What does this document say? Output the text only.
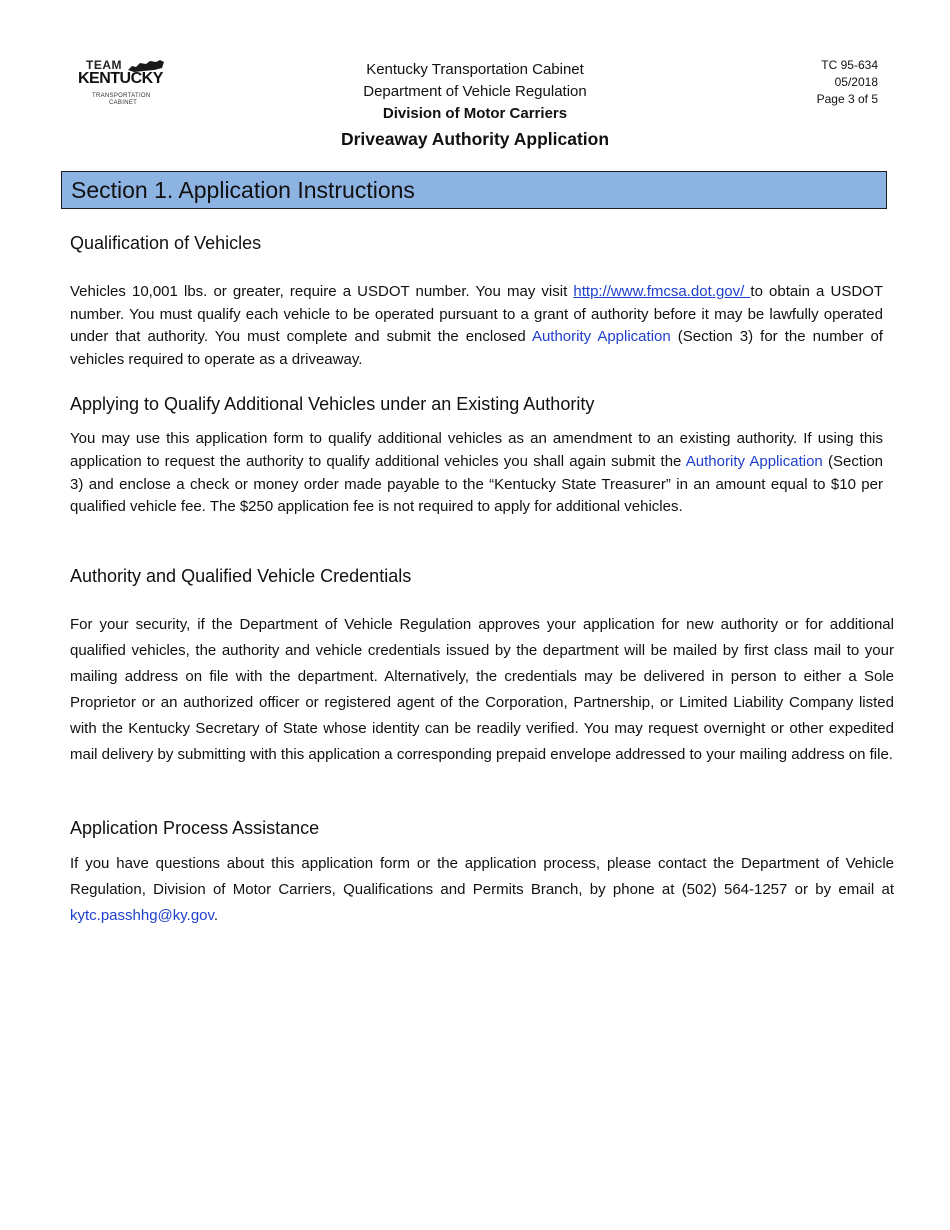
TEAM
KENTUCKY
TRANSPORTATION
CABINET
Kentucky Transportation Cabinet
Department of Vehicle Regulation
Division of Motor Carriers
Driveaway Authority Application
TC 95-634
05/2018
Page 3 of 5
Section 1. Application Instructions
Qualification of Vehicles
Vehicles 10,001 lbs. or greater, require a USDOT number. You may visit http://www.fmcsa.dot.gov/ to obtain a USDOT number. You must qualify each vehicle to be operated pursuant to a grant of authority before it may be lawfully operated under that authority. You must complete and submit the enclosed Authority Application (Section 3) for the number of vehicles required to operate as a driveaway.
Applying to Qualify Additional Vehicles under an Existing Authority
You may use this application form to qualify additional vehicles as an amendment to an existing authority. If using this application to request the authority to qualify additional vehicles you shall again submit the Authority Application (Section 3) and enclose a check or money order made payable to the “Kentucky State Treasurer” in an amount equal to $10 per qualified vehicle fee. The $250 application fee is not required to apply for additional vehicles.
Authority and Qualified Vehicle Credentials
For your security, if the Department of Vehicle Regulation approves your application for new authority or for additional qualified vehicles, the authority and vehicle credentials issued by the department will be mailed by first class mail to your mailing address on file with the department. Alternatively, the credentials may be delivered in person to either a Sole Proprietor or an authorized officer or registered agent of the Corporation, Partnership, or Limited Liability Company listed with the Kentucky Secretary of State whose identity can be readily verified. You may request overnight or other expedited mail delivery by submitting with this application a corresponding prepaid envelope addressed to your mailing address on file.
Application Process Assistance
If you have questions about this application form or the application process, please contact the Department of Vehicle Regulation, Division of Motor Carriers, Qualifications and Permits Branch, by phone at (502) 564-1257 or by email at kytc.passhhg@ky.gov.
